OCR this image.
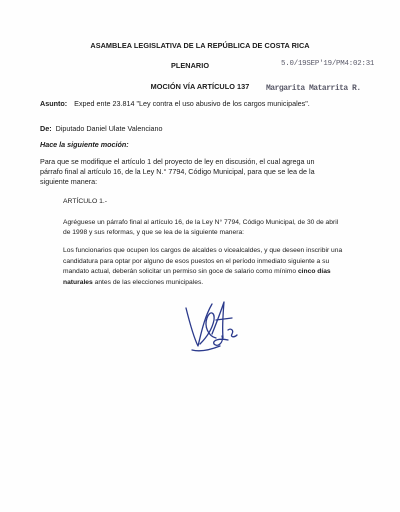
ASAMBLEA LEGISLATIVA DE LA REPÚBLICA DE COSTA RICA
PLENARIO
MOCIÓN VÍA ARTÍCULO 137
5.0/19SEP'19/PM4:02:31
Margarita Matarrita R.
Asunto: Exped ente 23.814 "Ley contra el uso abusivo de los cargos municipales".
De: Diputado Daniel Ulate Valenciano
Hace la siguiente moción:
Para que se modifique el artículo 1 del proyecto de ley en discusión, el cual agrega un
párrafo final al artículo 16, de la Ley N.° 7794, Código Municipal, para que se lea de la
siguiente manera:
ARTÍCULO 1.-
Agréguese un párrafo final al artículo 16, de la Ley N° 7794, Código Municipal, de 30 de abril
de 1998 y sus reformas, y que se lea de la siguiente manera:
Los funcionarios que ocupen los cargos de alcaldes o vicealcaldes, y que deseen inscribir una
candidatura para optar por alguno de esos puestos en el período inmediato siguiente a su
mandato actual, deberán solicitar un permiso sin goce de salario como mínimo cinco días
naturales antes de las elecciones municipales.
